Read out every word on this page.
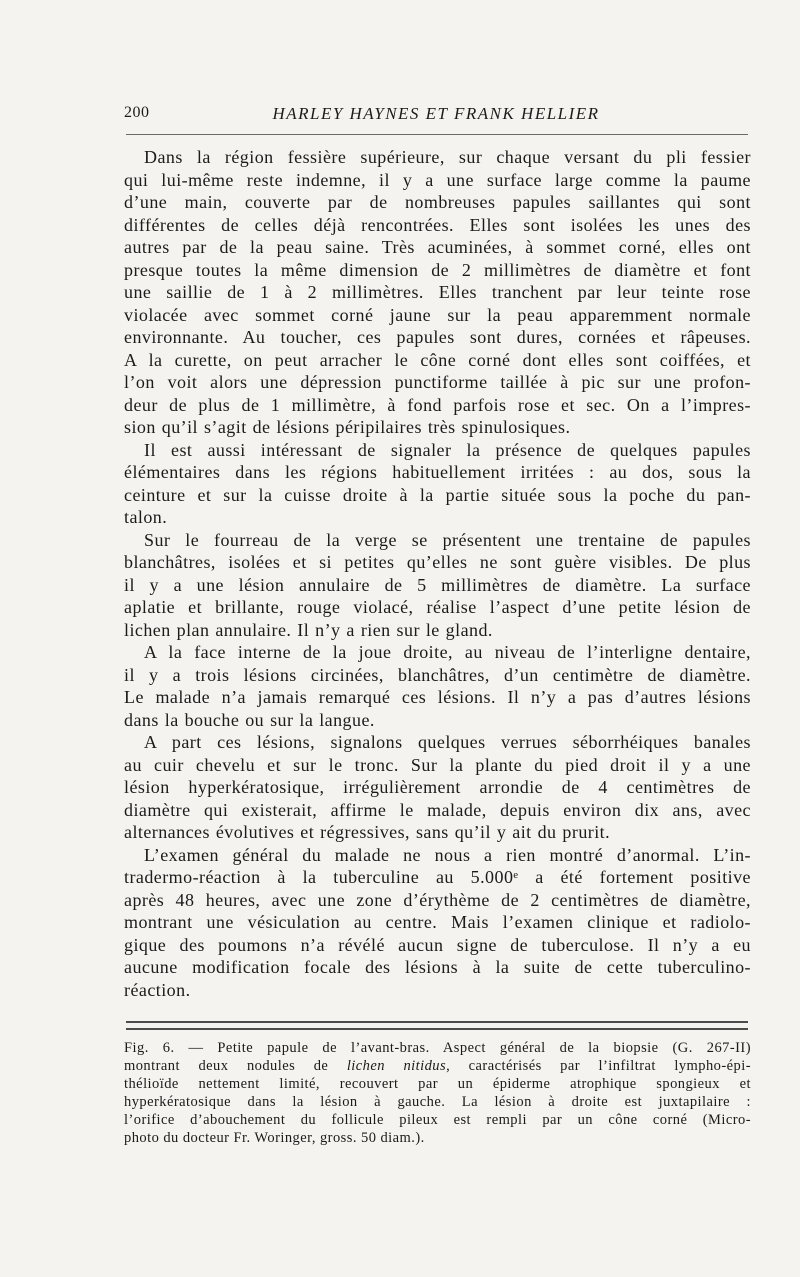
200	HARLEY HAYNES ET FRANK HELLIER

Dans la région fessière supérieure, sur chaque versant du pli fessier
qui lui-même reste indemne, il y a une surface large comme la paume
d’une main, couverte par de nombreuses papules saillantes qui sont
différentes de celles déjà rencontrées. Elles sont isolées les unes des
autres par de la peau saine. Très acuminées, à sommet corné, elles ont
presque toutes la même dimension de 2 millimètres de diamètre et font
une saillie de 1 à 2 millimètres. Elles tranchent par leur teinte rose
violacée avec sommet corné jaune sur la peau apparemment normale
environnante. Au toucher, ces papules sont dures, cornées et râpeuses.
A la curette, on peut arracher le cône corné dont elles sont coiffées, et
l’on voit alors une dépression punctiforme taillée à pic sur une profon-
deur de plus de 1 millimètre, à fond parfois rose et sec. On a l’impres-
sion qu’il s’agit de lésions péripilaires très spinulosiques.

Il est aussi intéressant de signaler la présence de quelques papules
élémentaires dans les régions habituellement irritées : au dos, sous la
ceinture et sur la cuisse droite à la partie située sous la poche du pan-
talon.

Sur le fourreau de la verge se présentent une trentaine de papules
blanchâtres, isolées et si petites qu’elles ne sont guère visibles. De plus
il y a une lésion annulaire de 5 millimètres de diamètre. La surface
aplatie et brillante, rouge violacé, réalise l’aspect d’une petite lésion de
lichen plan annulaire. Il n’y a rien sur le gland.

A la face interne de la joue droite, au niveau de l’interligne dentaire,
il y a trois lésions circinées, blanchâtres, d’un centimètre de diamètre.
Le malade n’a jamais remarqué ces lésions. Il n’y a pas d’autres lésions
dans la bouche ou sur la langue.

A part ces lésions, signalons quelques verrues séborrhéiques banales
au cuir chevelu et sur le tronc. Sur la plante du pied droit il y a une
lésion hyperkératosique, irrégulièrement arrondie de 4 centimètres de
diamètre qui existerait, affirme le malade, depuis environ dix ans, avec
alternances évolutives et régressives, sans qu’il y ait du prurit.

L’examen général du malade ne nous a rien montré d’anormal. L’in-
tradermo-réaction à la tuberculine au 5.000ᵉ a été fortement positive
après 48 heures, avec une zone d’érythème de 2 centimètres de diamètre,
montrant une vésiculation au centre. Mais l’examen clinique et radiolo-
gique des poumons n’a révélé aucun signe de tuberculose. Il n’y a eu
aucune modification focale des lésions à la suite de cette tuberculino-
réaction.

Fig. 6. — Petite papule de l’avant-bras. Aspect général de la biopsie (G. 267-II)
montrant deux nodules de lichen nitidus, caractérisés par l’infiltrat lympho-épi-
thélioïde nettement limité, recouvert par un épiderme atrophique spongieux et
hyperkératosique dans la lésion à gauche. La lésion à droite est juxtapilaire :
l’orifice d’abouchement du follicule pileux est rempli par un cône corné (Micro-
photo du docteur Fr. Woringer, gross. 50 diam.).
